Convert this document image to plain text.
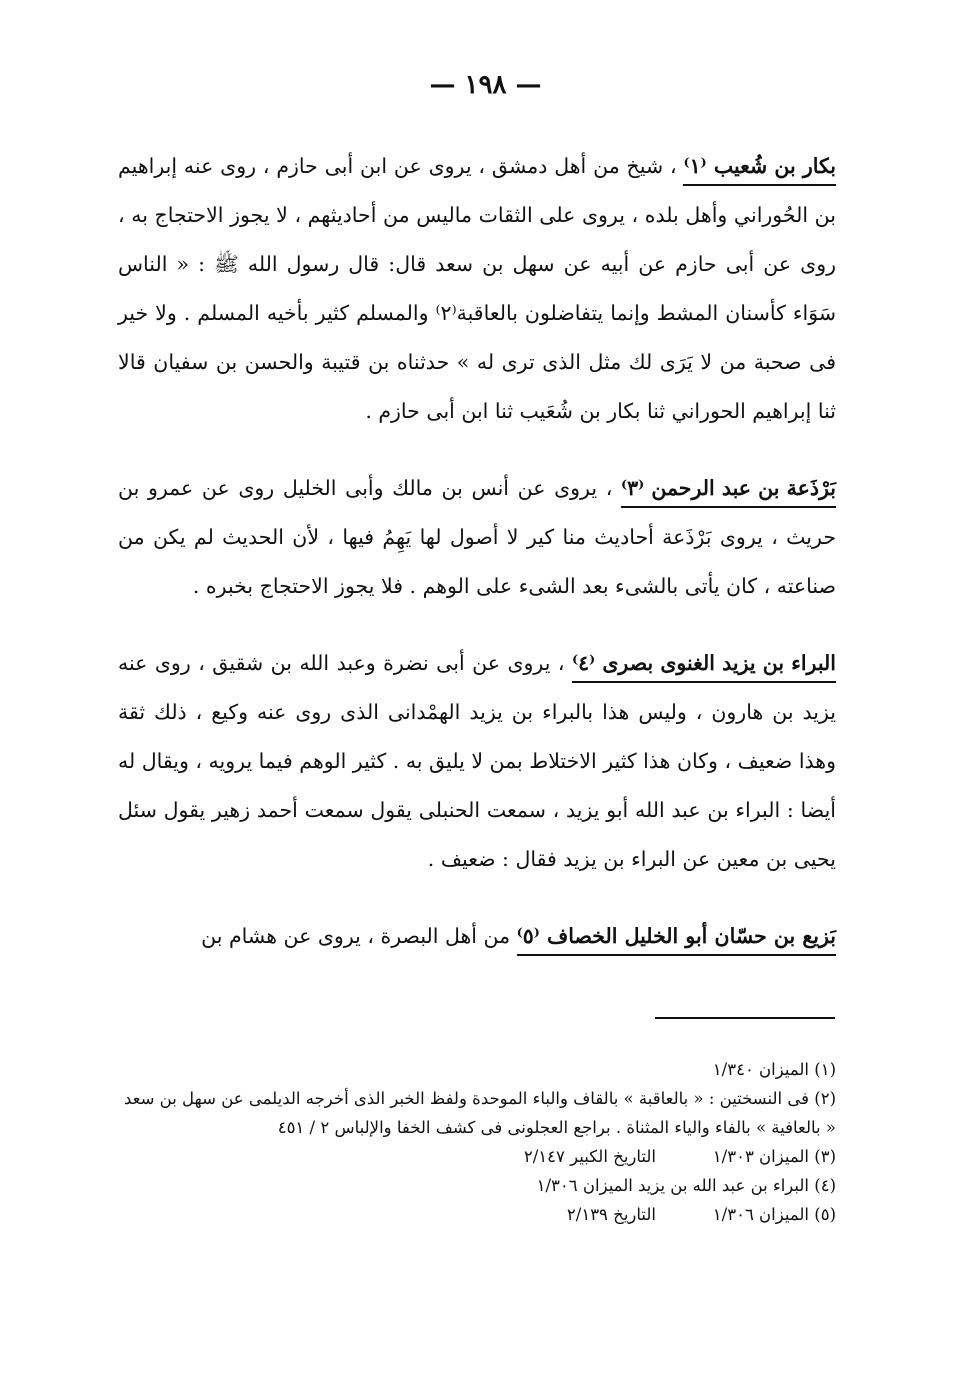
— ١٩٨ —

بكار بن شُعيب ⁽١⁾ ، شيخ من أهل دمشق ، يروى عن ابن أبى حازم ، روى عنه إبراهيم بن الحُوراني وأهل بلده ، يروى على الثقات ماليس من أحاديثهم ، لا يجوز الاحتجاج به ، روى عن أبى حازم عن أبيه عن سهل بن سعد قال: قال رسول الله ﷺ : « الناس سَوَاء كأسنان المشط وإنما يتفاضلون بالعاقبة⁽٢⁾ والمسلم كثير بأخيه المسلم . ولا خير فى صحبة من لا يَرَى لك مثل الذى ترى له » حدثناه بن قتيبة والحسن بن سفيان قالا ثنا إبراهيم الحوراني ثنا بكار بن شُعَيب ثنا ابن أبى حازم .

بَرْذَعة بن عبد الرحمن ⁽٣⁾ ، يروى عن أنس بن مالك وأبى الخليل روى عن عمرو بن حريث ، يروى بَرْذَعة أحاديث منا كير لا أصول لها يَهِمُ فيها ، لأن الحديث لم يكن من صناعته ، كان يأتى بالشىء بعد الشىء على الوهم . فلا يجوز الاحتجاج بخبره .

البراء بن يزيد الغنوى بصرى ⁽٤⁾ ، يروى عن أبى نضرة وعبد الله بن شقيق ، روى عنه يزيد بن هارون ، وليس هذا بالبراء بن يزيد الهمْدانى الذى روى عنه وكيع ، ذلك ثقة وهذا ضعيف ، وكان هذا كثير الاختلاط بمن لا يليق به . كثير الوهم فيما يرويه ، ويقال له أيضا : البراء بن عبد الله أبو يزيد ، سمعت الحنبلى يقول سمعت أحمد زهير يقول سئل يحيى بن معين عن البراء بن يزيد فقال : ضعيف .

بَزيع بن حسّان أبو الخليل الخصاف ⁽٥⁾ من أهل البصرة ، يروى عن هشام بن

(١) الميزان ١/٣٤٠

(٢) فى النسختين : « بالعاقبة » بالقاف والباء الموحدة ولفظ الخبر الذى أخرجه الديلمى عن سهل بن سعد « بالعافية » بالفاء والياء المثناة . براجع العجلونى فى كشف الخفا والإلباس ٢ / ٤٥١

(٣) الميزان ١/٣٠٣
التاريخ الكبير ٢/١٤٧

(٤) البراء بن عبد الله بن يزيد الميزان ١/٣٠٦

(٥) الميزان ١/٣٠٦
التاريخ ٢/١٣٩
